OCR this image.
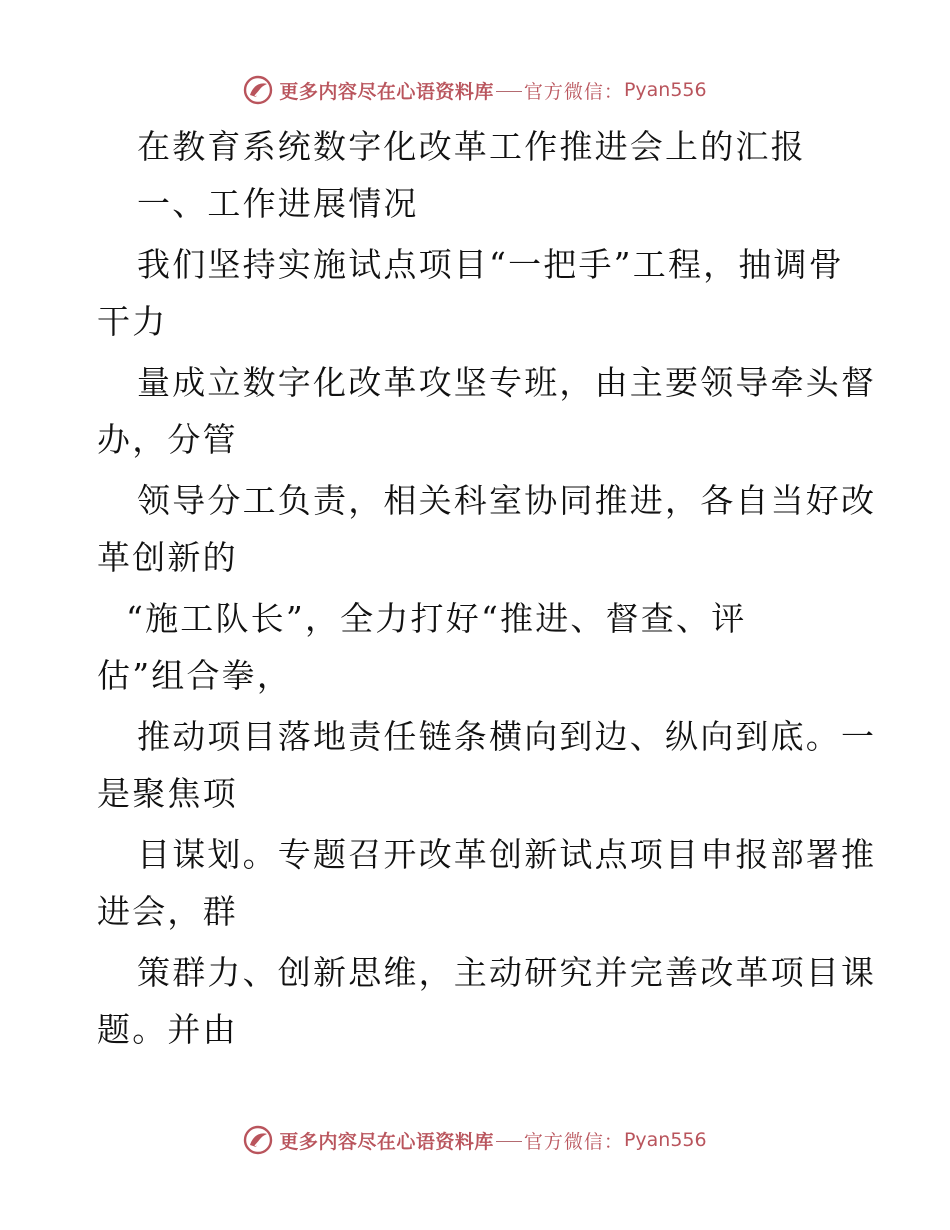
更多内容尽在心语资料库 官方微信： Pyan556
在教育系统数字化改革工作推进会上的汇报
一、工作进展情况
我们坚持实施试点项目“一把手”工程，抽调骨
干力
量成立数字化改革攻坚专班，由主要领导牵头督
办，分管
领导分工负责，相关科室协同推进，各自当好改
革创新的
“施工队长”，全力打好“推进、督查、评
估”组合拳，
推动项目落地责任链条横向到边、纵向到底。一
是聚焦项
目谋划。专题召开改革创新试点项目申报部署推
进会，群
策群力、创新思维，主动研究并完善改革项目课
题。并由
更多内容尽在心语资料库 官方微信： Pyan556
